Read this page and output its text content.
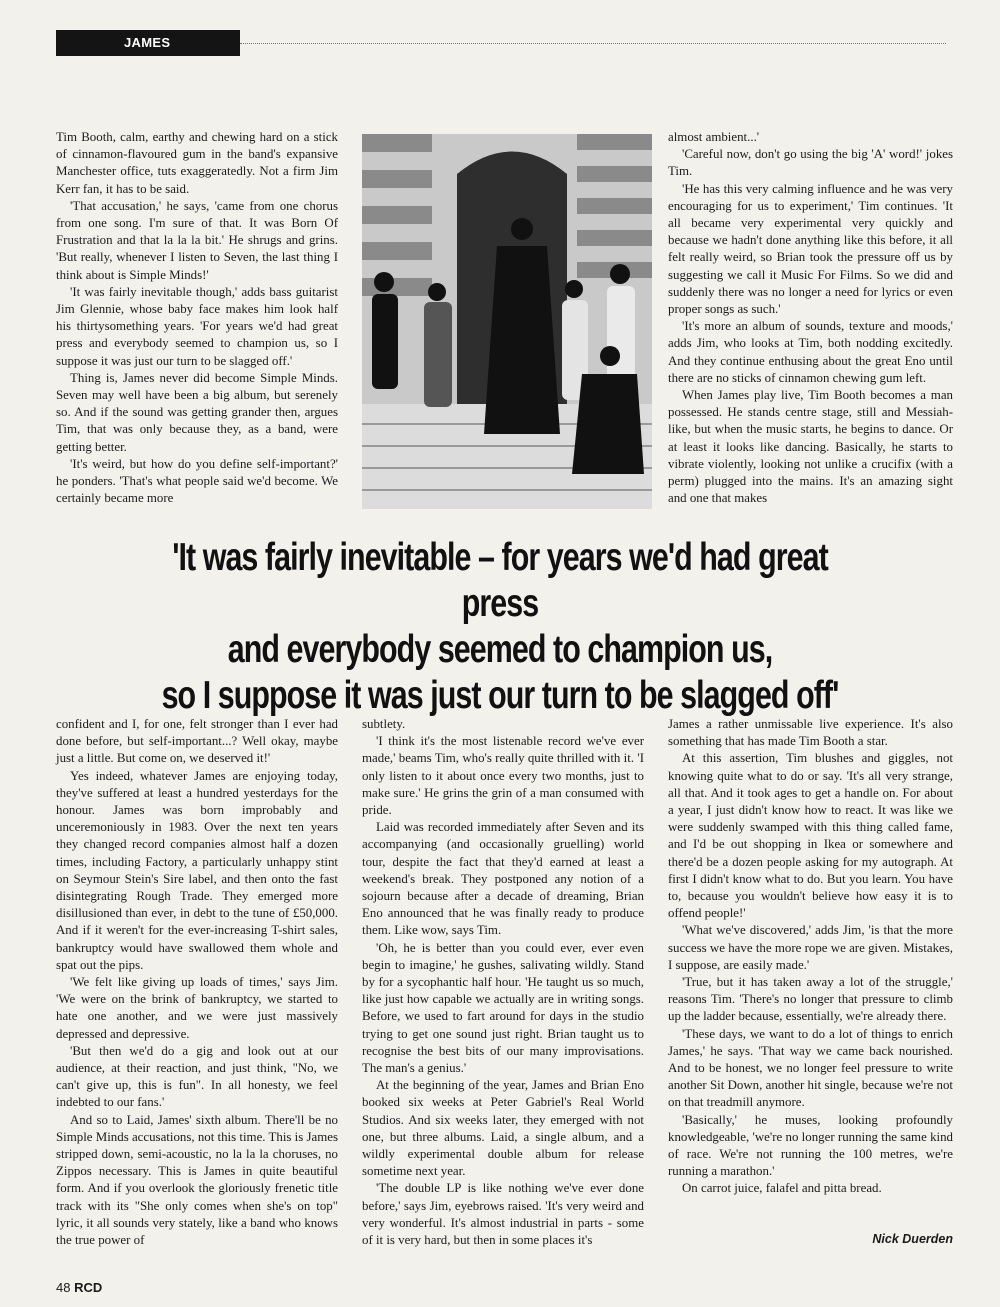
JAMES

Tim Booth, calm, earthy and chewing hard on a stick of cinnamon-flavoured gum in the band's expansive Manchester office, tuts exaggeratedly. Not a firm Jim Kerr fan, it has to be said.

'That accusation,' he says, 'came from one chorus from one song. I'm sure of that. It was Born Of Frustration and that la la la bit.' He shrugs and grins. 'But really, whenever I listen to Seven, the last thing I think about is Simple Minds!'

'It was fairly inevitable though,' adds bass guitarist Jim Glennie, whose baby face makes him look half his thirtysomething years. 'For years we'd had great press and everybody seemed to champion us, so I suppose it was just our turn to be slagged off.'

Thing is, James never did become Simple Minds. Seven may well have been a big album, but serenely so. And if the sound was getting grander then, argues Tim, that was only because they, as a band, were getting better.

'It's weird, but how do you define self-important?' he ponders. 'That's what people said we'd become. We certainly became more

almost ambient...'

'Careful now, don't go using the big 'A' word!' jokes Tim.

'He has this very calming influence and he was very encouraging for us to experiment,' Tim continues. 'It all became very experimental very quickly and because we hadn't done anything like this before, it all felt really weird, so Brian took the pressure off us by suggesting we call it Music For Films. So we did and suddenly there was no longer a need for lyrics or even proper songs as such.'

'It's more an album of sounds, texture and moods,' adds Jim, who looks at Tim, both nodding excitedly. And they continue enthusing about the great Eno until there are no sticks of cinnamon chewing gum left.

When James play live, Tim Booth becomes a man possessed. He stands centre stage, still and Messiah-like, but when the music starts, he begins to dance. Or at least it looks like dancing. Basically, he starts to vibrate violently, looking not unlike a crucifix (with a perm) plugged into the mains. It's an amazing sight and one that makes

'It was fairly inevitable – for years we'd had great press
and everybody seemed to champion us,
so I suppose it was just our turn to be slagged off'

confident and I, for one, felt stronger than I ever had done before, but self-important...? Well okay, maybe just a little. But come on, we deserved it!'

Yes indeed, whatever James are enjoying today, they've suffered at least a hundred yesterdays for the honour. James was born improbably and unceremoniously in 1983. Over the next ten years they changed record companies almost half a dozen times, including Factory, a particularly unhappy stint on Seymour Stein's Sire label, and then onto the fast disintegrating Rough Trade. They emerged more disillusioned than ever, in debt to the tune of £50,000. And if it weren't for the ever-increasing T-shirt sales, bankruptcy would have swallowed them whole and spat out the pips.

'We felt like giving up loads of times,' says Jim. 'We were on the brink of bankruptcy, we started to hate one another, and we were just massively depressed and depressive.

'But then we'd do a gig and look out at our audience, at their reaction, and just think, "No, we can't give up, this is fun". In all honesty, we feel indebted to our fans.'

And so to Laid, James' sixth album. There'll be no Simple Minds accusations, not this time. This is James stripped down, semi-acoustic, no la la la choruses, no Zippos necessary. This is James in quite beautiful form. And if you overlook the gloriously frenetic title track with its "She only comes when she's on top" lyric, it all sounds very stately, like a band who knows the true power of

subtlety.

'I think it's the most listenable record we've ever made,' beams Tim, who's really quite thrilled with it. 'I only listen to it about once every two months, just to make sure.' He grins the grin of a man consumed with pride.

Laid was recorded immediately after Seven and its accompanying (and occasionally gruelling) world tour, despite the fact that they'd earned at least a weekend's break. They postponed any notion of a sojourn because after a decade of dreaming, Brian Eno announced that he was finally ready to produce them. Like wow, says Tim.

'Oh, he is better than you could ever, ever even begin to imagine,' he gushes, salivating wildly. Stand by for a sycophantic half hour. 'He taught us so much, like just how capable we actually are in writing songs. Before, we used to fart around for days in the studio trying to get one sound just right. Brian taught us to recognise the best bits of our many improvisations. The man's a genius.'

At the beginning of the year, James and Brian Eno booked six weeks at Peter Gabriel's Real World Studios. And six weeks later, they emerged with not one, but three albums. Laid, a single album, and a wildly experimental double album for release sometime next year.

'The double LP is like nothing we've ever done before,' says Jim, eyebrows raised. 'It's very weird and very wonderful. It's almost industrial in parts - some of it is very hard, but then in some places it's

James a rather unmissable live experience. It's also something that has made Tim Booth a star.

At this assertion, Tim blushes and giggles, not knowing quite what to do or say. 'It's all very strange, all that. And it took ages to get a handle on. For about a year, I just didn't know how to react. It was like we were suddenly swamped with this thing called fame, and I'd be out shopping in Ikea or somewhere and there'd be a dozen people asking for my autograph. At first I didn't know what to do. But you learn. You have to, because you wouldn't believe how easy it is to offend people!'

'What we've discovered,' adds Jim, 'is that the more success we have the more rope we are given. Mistakes, I suppose, are easily made.'

'True, but it has taken away a lot of the struggle,' reasons Tim. 'There's no longer that pressure to climb up the ladder because, essentially, we're already there.

'These days, we want to do a lot of things to enrich James,' he says. 'That way we came back nourished. And to be honest, we no longer feel pressure to write another Sit Down, another hit single, because we're not on that treadmill anymore.

'Basically,' he muses, looking profoundly knowledgeable, 'we're no longer running the same kind of race. We're not running the 100 metres, we're running a marathon.'

On carrot juice, falafel and pitta bread.

Nick Duerden
48 RCD
